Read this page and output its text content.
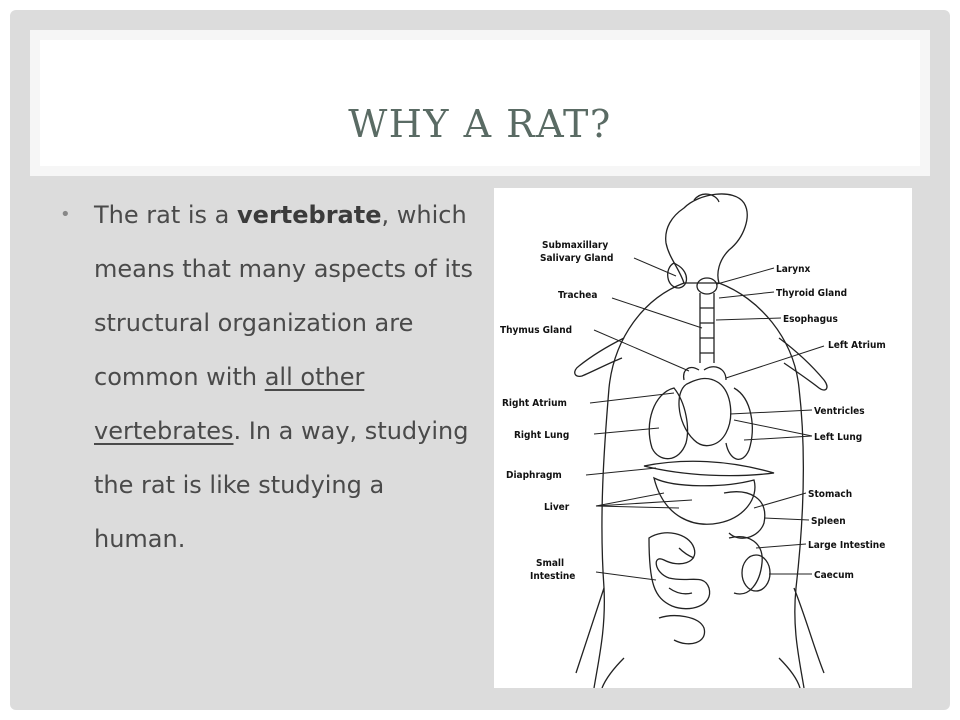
WHY A RAT?
• The rat is a vertebrate, which means that many aspects of its structural organization are common with all other vertebrates. In a way, studying the rat is like studying a human.
Submaxillary
Salivary Gland
Trachea
Thymus Gland
Right Atrium
Right Lung
Diaphragm
Liver
Small
Intestine
Larynx
Thyroid Gland
Esophagus
Left Atrium
Ventricles
Left Lung
Stomach
Spleen
Large Intestine
Caecum
